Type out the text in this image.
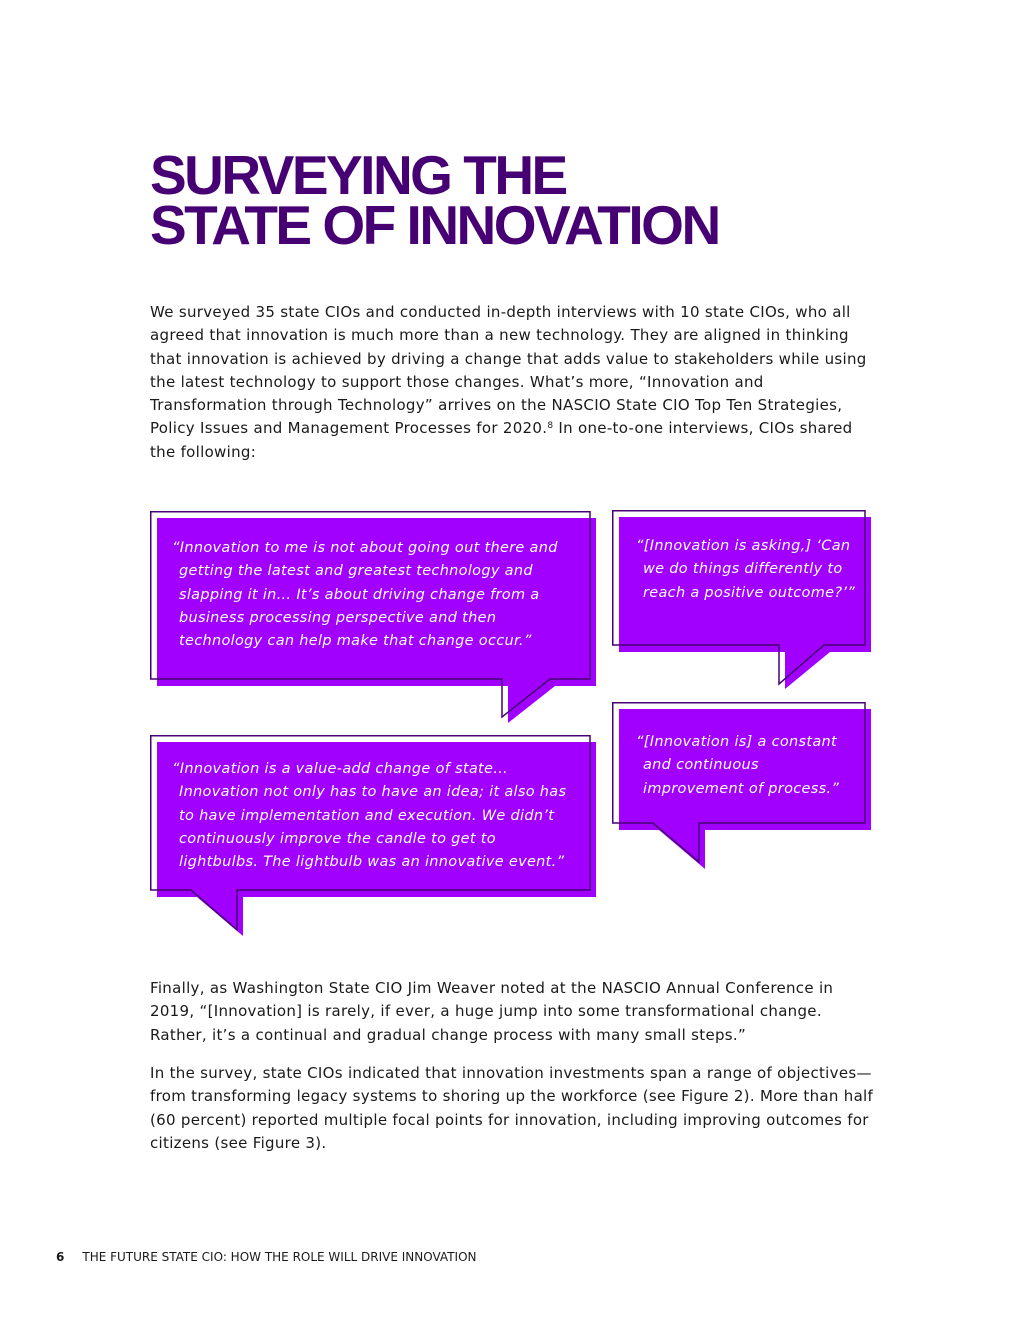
SURVEYING THE
STATE OF INNOVATION

We surveyed 35 state CIOs and conducted in-depth interviews with 10 state CIOs, who all agreed that innovation is much more than a new technology. They are aligned in thinking that innovation is achieved by driving a change that adds value to stakeholders while using the latest technology to support those changes. What’s more, “Innovation and Transformation through Technology” arrives on the NASCIO State CIO Top Ten Strategies, Policy Issues and Management Processes for 2020.$^8$ In one-to-one interviews, CIOs shared the following:

“Innovation to me is not about going out there and getting the latest and greatest technology and slapping it in… It’s about driving change from a business processing perspective and then technology can help make that change occur.”

“[Innovation is asking,] ‘Can we do things differently to reach a positive outcome?’”

“[Innovation is] a constant and continuous improvement of process.”

“Innovation is a value-add change of state… Innovation not only has to have an idea; it also has to have implementation and execution. We didn’t continuously improve the candle to get to lightbulbs. The lightbulb was an innovative event.”

Finally, as Washington State CIO Jim Weaver noted at the NASCIO Annual Conference in 2019, “[Innovation] is rarely, if ever, a huge jump into some transformational change. Rather, it’s a continual and gradual change process with many small steps.”

In the survey, state CIOs indicated that innovation investments span a range of objectives—from transforming legacy systems to shoring up the workforce (see Figure 2). More than half (60 percent) reported multiple focal points for innovation, including improving outcomes for citizens (see Figure 3).

6 THE FUTURE STATE CIO: HOW THE ROLE WILL DRIVE INNOVATION
